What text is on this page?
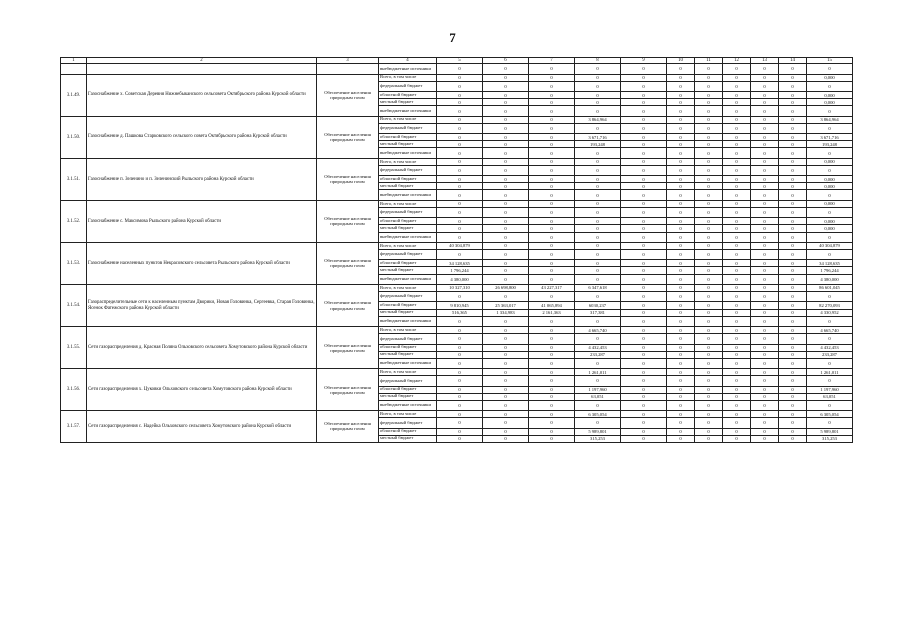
7
1	2	3	4	5	6	7	8	9	10	11	12	13	14	15
			внебюджетные источники	0	0	0	0	0	0	0	0	0	0	0
3.1.49.	Газоснабжение х. Советская Деревня Нижнебыканского сельсовета Октябрьского района Курской области	Обеспечение населения природным газом	Всего, в том числе	0	0	0	0	0	0	0	0	0	0	0,000
			федеральный бюджет	0	0	0	0	0	0	0	0	0	0	0
			областной бюджет	0	0	0	0	0	0	0	0	0	0	0,000
			местный бюджет	0	0	0	0	0	0	0	0	0	0	0,000
			внебюджетные источники	0	0	0	0	0	0	0	0	0	0	0
3.1.50.	Газоснабжение д. Пашкова Старковского сельского совета Октябрьского района Курской области	Обеспечение населения природным газом	Всего, в том числе	0	0	0	3 864,964	0	0	0	0	0	0	3 864,964
			федеральный бюджет	0	0	0	0	0	0	0	0	0	0	0
			областной бюджет	0	0	0	3 671,716	0	0	0	0	0	0	3 671,716
			местный бюджет	0	0	0	193,248	0	0	0	0	0	0	193,248
			внебюджетные источники	0	0	0	0	0	0	0	0	0	0	0
3.1.51.	Газоснабжение п. Зеленино и п. Зеленинский Рыльского района Курской области	Обеспечение населения природным газом	Всего, в том числе	0	0	0	0	0	0	0	0	0	0	0,000
			федеральный бюджет	0	0	0	0	0	0	0	0	0	0	0
			областной бюджет	0	0	0	0	0	0	0	0	0	0	0,000
			местный бюджет	0	0	0	0	0	0	0	0	0	0	0,000
			внебюджетные источники	0	0	0	0	0	0	0	0	0	0	0
3.1.52.	Газоснабжение с. Максимова Рыльского района Курской области	Обеспечение населения природным газом	Всего, в том числе	0	0	0	0	0	0	0	0	0	0	0,000
			федеральный бюджет	0	0	0	0	0	0	0	0	0	0	0
			областной бюджет	0	0	0	0	0	0	0	0	0	0	0,000
			местный бюджет	0	0	0	0	0	0	0	0	0	0	0,000
			внебюджетные источники	0	0	0	0	0	0	0	0	0	0	0
3.1.53.	Газоснабжение населенных пунктов Некрасовского сельсовета Рыльского района Курской области	Обеспечение населения природным газом	Всего, в том числе	40 304,879	0	0	0	0	0	0	0	0	0	40 304,879
			федеральный бюджет	0	0	0	0	0	0	0	0	0	0	0
			областной бюджет	34 128,635	0	0	0	0	0	0	0	0	0	34 128,635
			местный бюджет	1 796,244	0	0	0	0	0	0	0	0	0	1 796,244
			внебюджетные источники	4 380,000	0	0	0	0	0	0	0	0	0	4 380,000
3.1.54.	Газораспределительные сети к населенным пунктам Дворики, Новая Головинка, Сергеевка, Старая Головинка, Ясенок Фатежского района Курской области	Обеспечение населения природным газом	Всего, в том числе	10 327,310	26 698,800	43 227,317	6 347,618	0	0	0	0	0	0	86 601,045
			федеральный бюджет	0	0	0	0	0	0	0	0	0	0	0
			областной бюджет	9 810,945	25 363,017	41 065,894	6030,237	0	0	0	0	0	0	82 270,093
			местный бюджет	516,365	1 334,983	2 161,363	317,381	0	0	0	0	0	0	4 330,952
			внебюджетные источники	0	0	0	0	0	0	0	0	0	0	0
3.1.55.	Сети газораспределения д. Красная Поляна Ольховского сельсовета Хомутовского района Курской области	Обеспечение населения природным газом	Всего, в том числе	0	0	0	4 665,740	0	0	0	0	0	0	4 665,740
			федеральный бюджет	0	0	0	0	0	0	0	0	0	0	0
			областной бюджет	0	0	0	4 432,453	0	0	0	0	0	0	4 432,453
			местный бюджет	0	0	0	233,287	0	0	0	0	0	0	233,287
			внебюджетные источники	0	0	0	0	0	0	0	0	0	0	0
3.1.56.	Сети газораспределения х. Цуковки Ольховского сельсовета Хомутовского района Курской области	Обеспечение населения природным газом	Всего, в том числе	0	0	0	1 261,011	0	0	0	0	0	0	1 261,011
			федеральный бюджет	0	0	0	0	0	0	0	0	0	0	0
			областной бюджет	0	0	0	1 197,960	0	0	0	0	0	0	1 197,960
			местный бюджет	0	0	0	63,051	0	0	0	0	0	0	63,051
			внебюджетные источники	0	0	0	0	0	0	0	0	0	0	0
3.1.57.	Сети газораспределения с. Надейка Ольховского сельсовета Хомутовского района Курской области	Обеспечение населения природным газом	Всего, в том числе	0	0	0	6 305,054	0	0	0	0	0	0	6 305,054
			федеральный бюджет	0	0	0	0	0	0	0	0	0	0	0
			областной бюджет	0	0	0	5 989,801	0	0	0	0	0	0	5 989,801
			местный бюджет	0	0	0	315,253	0	0	0	0	0	0	315,253
